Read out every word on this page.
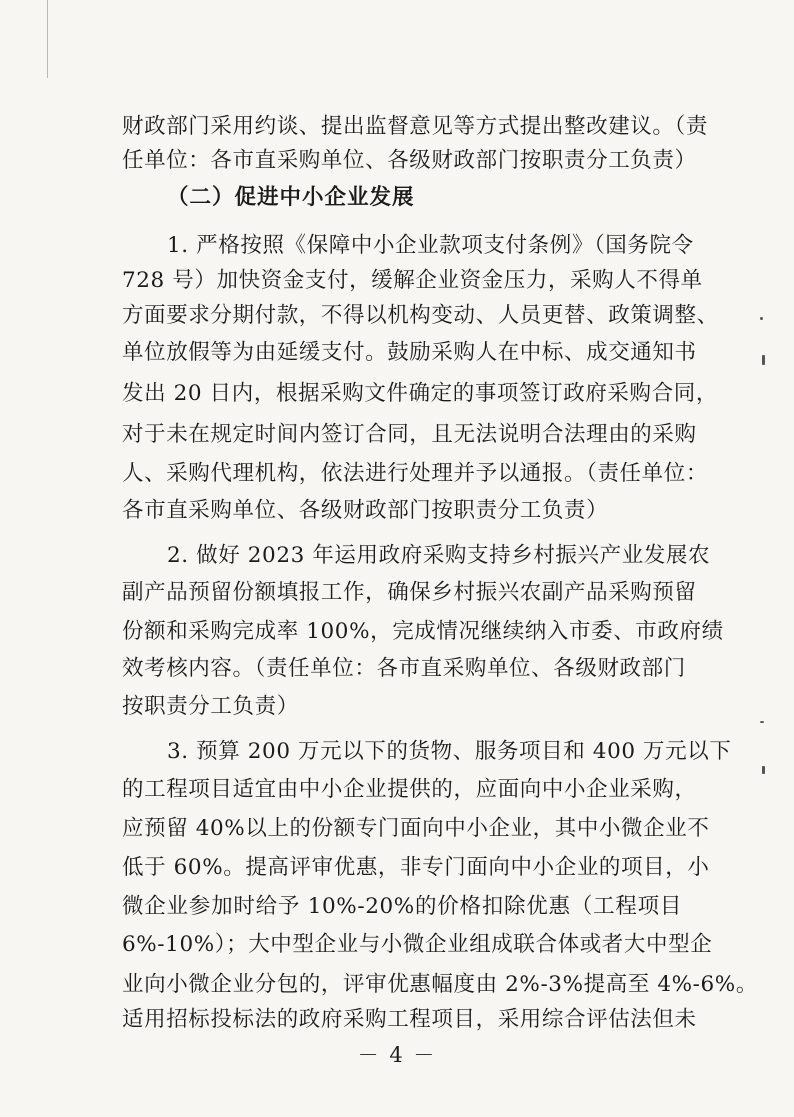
财政部门采用约谈、提出监督意见等方式提出整改建议。（责
任单位：各市直采购单位、各级财政部门按职责分工负责）
（二）促进中小企业发展
1. 严格按照《保障中小企业款项支付条例》（国务院令
728 号）加快资金支付，缓解企业资金压力，采购人不得单
方面要求分期付款，不得以机构变动、人员更替、政策调整、
单位放假等为由延缓支付。鼓励采购人在中标、成交通知书
发出 20 日内，根据采购文件确定的事项签订政府采购合同，
对于未在规定时间内签订合同，且无法说明合法理由的采购
人、采购代理机构，依法进行处理并予以通报。（责任单位：
各市直采购单位、各级财政部门按职责分工负责）
2. 做好 2023 年运用政府采购支持乡村振兴产业发展农
副产品预留份额填报工作，确保乡村振兴农副产品采购预留
份额和采购完成率 100%，完成情况继续纳入市委、市政府绩
效考核内容。（责任单位：各市直采购单位、各级财政部门
按职责分工负责）
3. 预算 200 万元以下的货物、服务项目和 400 万元以下
的工程项目适宜由中小企业提供的，应面向中小企业采购，
应预留 40%以上的份额专门面向中小企业，其中小微企业不
低于 60%。提高评审优惠，非专门面向中小企业的项目，小
微企业参加时给予 10%-20%的价格扣除优惠（工程项目
6%-10%）；大中型企业与小微企业组成联合体或者大中型企
业向小微企业分包的，评审优惠幅度由 2%-3%提高至 4%-6%。
适用招标投标法的政府采购工程项目，采用综合评估法但未
－ 4 －
